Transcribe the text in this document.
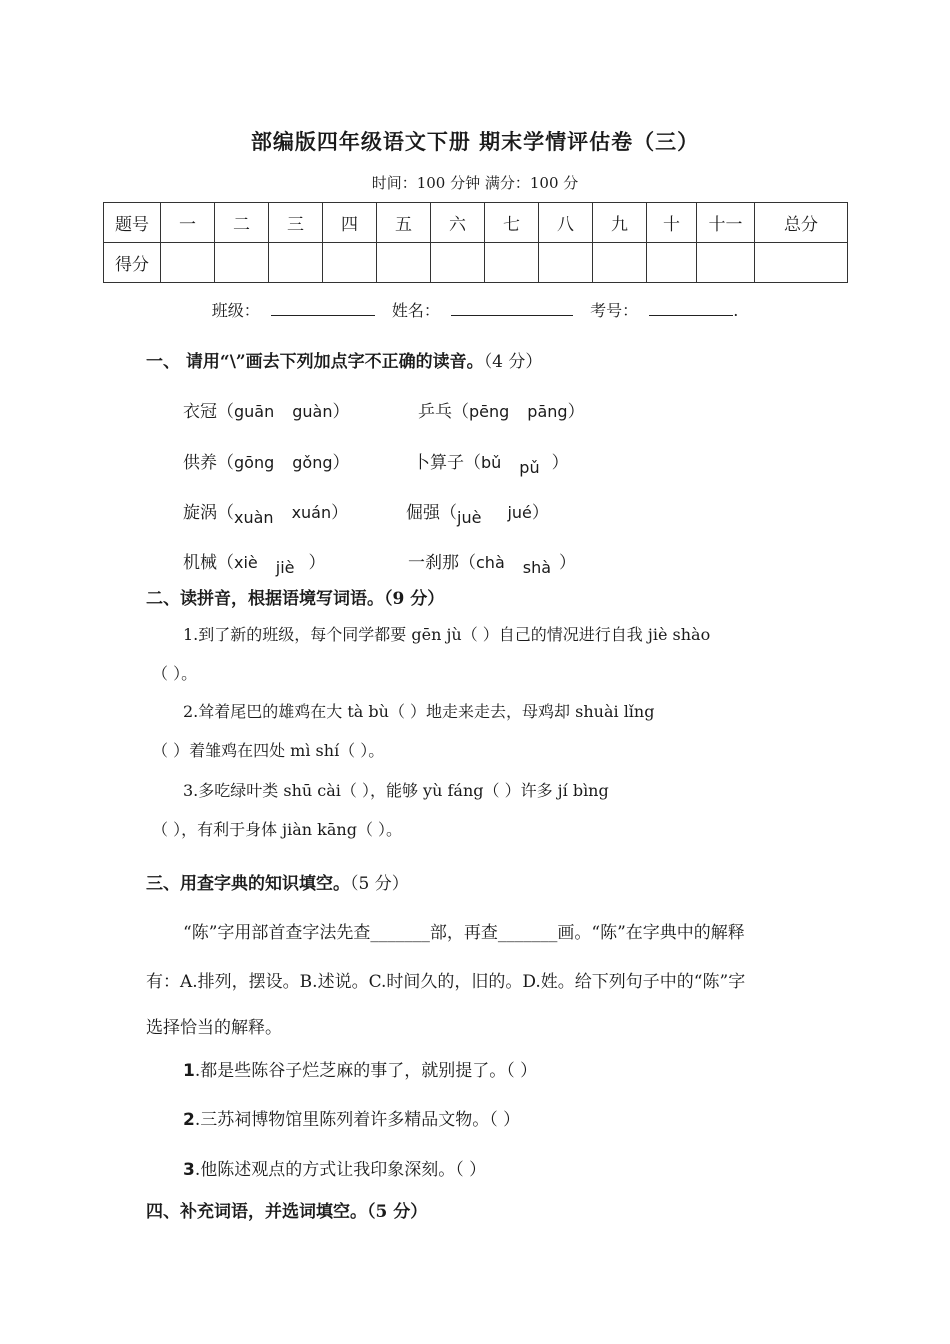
部编版四年级语文下册 期末学情评估卷（三）
时间：100 分钟 满分：100 分
题号	一	二	三	四	五	六	七	八	九	十	十一	总分
得分												
班级：	姓名：	考号：	.
一、 请用“\”画去下列加点字不正确的读音。（4 分）
衣冠（guān guàn）	乒乓（pēng pāng）
供养（gōng gǒng）	卜算子（bǔ pǔ ）
旋涡（xuàn xuán）	倔强（juè jué）
机械（xiè jiè ）	一刹那（chà shà ）
二、读拼音，根据语境写词语。（9 分）
1.到了新的班级，每个同学都要 gēn jù（ ）自己的情况进行自我 jiè shào
（ ）。
2.耸着尾巴的雄鸡在大 tà bù（ ）地走来走去，母鸡却 shuài lǐng
（ ）着雏鸡在四处 mì shí（ ）。
3.多吃绿叶类 shū cài（ ），能够 yù fáng（ ）许多 jí bìng
（ ），有利于身体 jiàn kāng（ ）。
三、用查字典的知识填空。（5 分）
“陈”字用部首查字法先查_______部，再查_______画。“陈”在字典中的解释
有：A.排列，摆设。B.述说。C.时间久的，旧的。D.姓。给下列句子中的“陈”字
选择恰当的解释。
1.都是些陈谷子烂芝麻的事了，就别提了。（ ）
2.三苏祠博物馆里陈列着许多精品文物。（ ）
3.他陈述观点的方式让我印象深刻。（ ）
四、补充词语，并选词填空。（5 分）
